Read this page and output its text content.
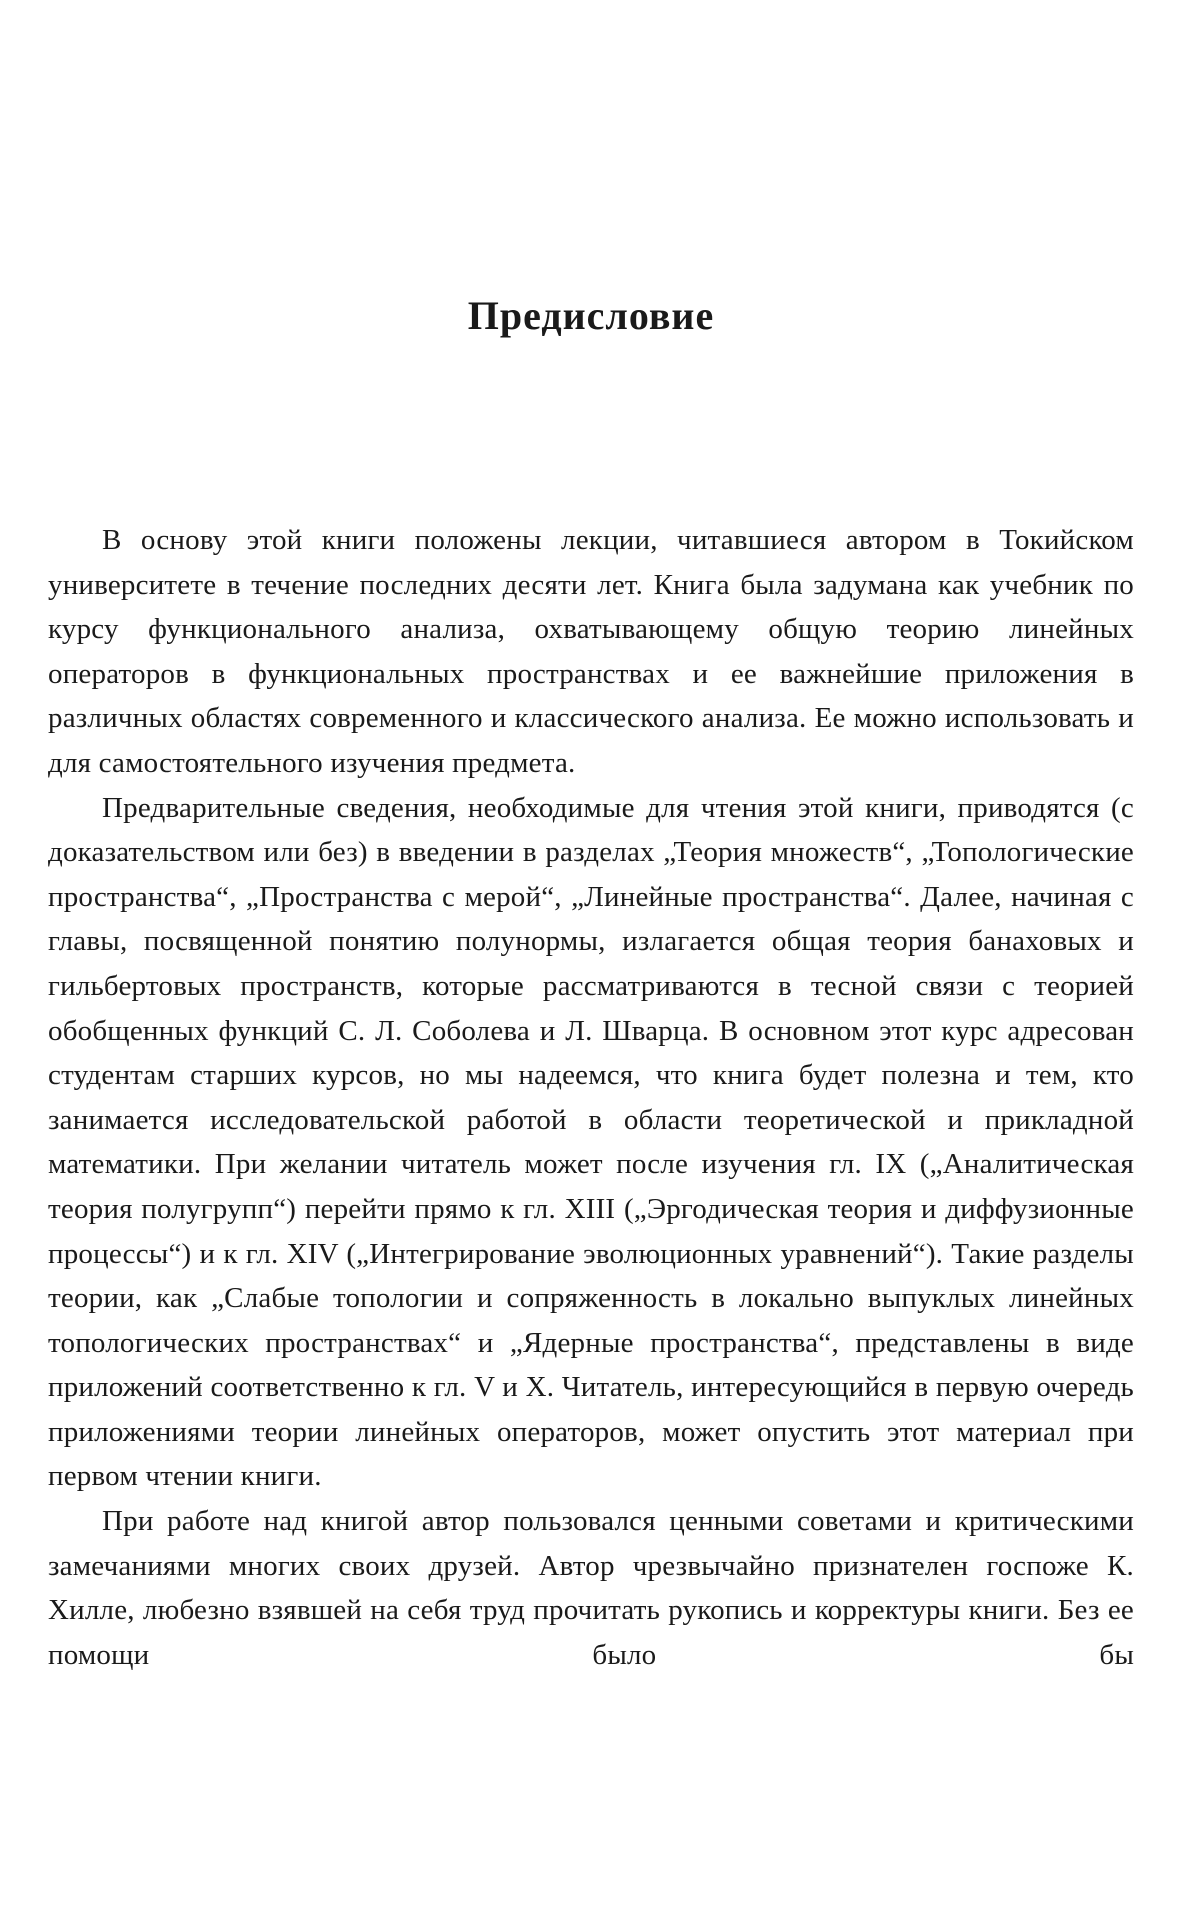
Предисловие

В основу этой книги положены лекции, читавшиеся автором в Токийском университете в течение последних десяти лет. Книга была задумана как учебник по курсу функционального анализа, охватывающему общую теорию линейных операторов в функциональных пространствах и ее важнейшие приложения в различных областях современного и классического анализа. Ее можно использовать и для самостоятельного изучения предмета.

Предварительные сведения, необходимые для чтения этой книги, приводятся (с доказательством или без) в введении в разделах „Теория множеств“, „Топологические пространства“, „Пространства с мерой“, „Линейные пространства“. Далее, начиная с главы, посвященной понятию полунормы, излагается общая теория банаховых и гильбертовых пространств, которые рассматриваются в тесной связи с теорией обобщенных функций С. Л. Соболева и Л. Шварца. В основном этот курс адресован студентам старших курсов, но мы надеемся, что книга будет полезна и тем, кто занимается исследовательской работой в области теоретической и прикладной математики. При желании читатель может после изучения гл. IX („Аналитическая теория полугрупп“) перейти прямо к гл. XIII („Эргодическая теория и диффузионные процессы“) и к гл. XIV („Интегрирование эволюционных уравнений“). Такие разделы теории, как „Слабые топологии и сопряженность в локально выпуклых линейных топологических пространствах“ и „Ядерные пространства“, представлены в виде приложений соответственно к гл. V и X. Читатель, интересующийся в первую очередь приложениями теории линейных операторов, может опустить этот материал при первом чтении книги.

При работе над книгой автор пользовался ценными советами и критическими замечаниями многих своих друзей. Автор чрезвычайно признателен госпоже К. Хилле, любезно взявшей на себя труд прочитать рукопись и корректуры книги. Без ее помощи было бы
